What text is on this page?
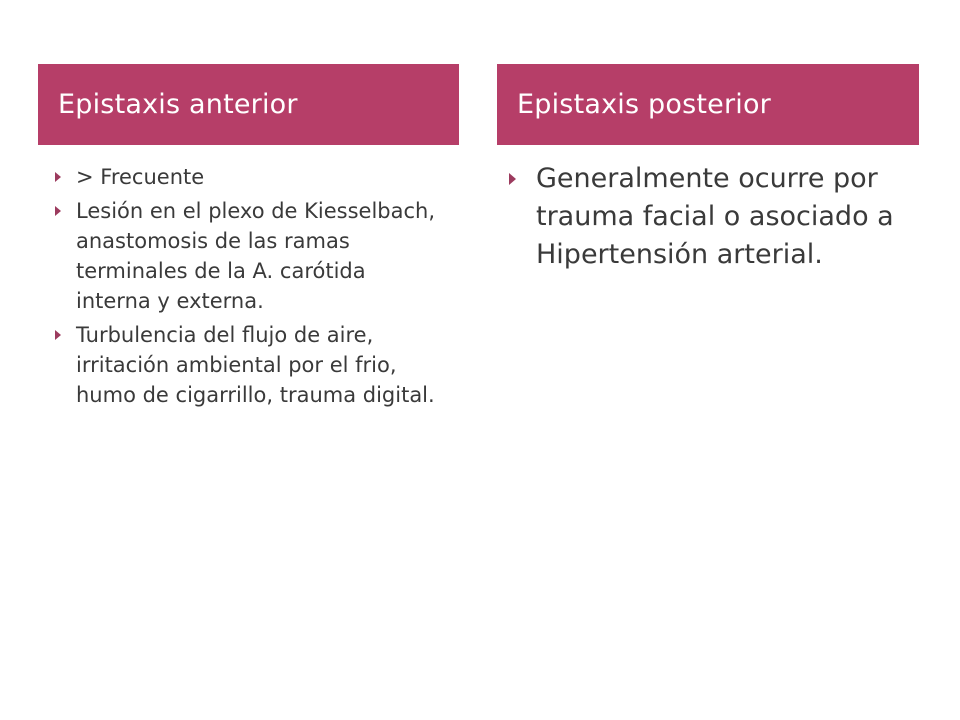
Epistaxis anterior	Epistaxis posterior
> Frecuente
Lesión en el plexo de Kiesselbach, anastomosis de las ramas terminales de la A. carótida interna y externa.
Turbulencia del flujo de aire, irritación ambiental por el frio, humo de cigarrillo, trauma digital.
Generalmente ocurre por trauma facial o asociado a Hipertensión arterial.
